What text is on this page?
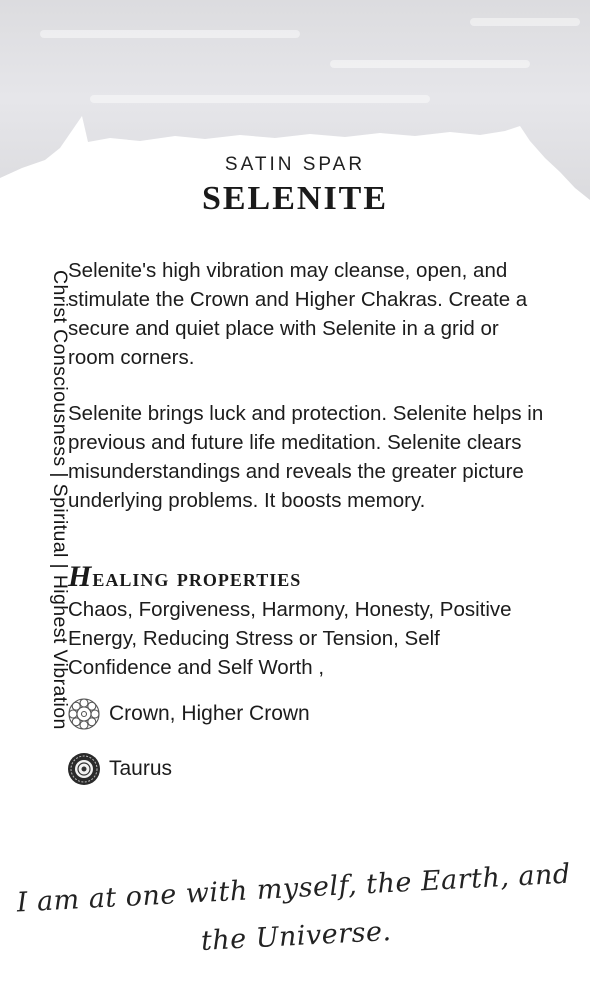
SATIN SPAR
SELENITE
Christ Consciousness | Spiritual | Highest Vibration

Selenite's high vibration may cleanse, open, and stimulate the Crown and Higher Chakras. Create a secure and quiet place with Selenite in a grid or room corners.

Selenite brings luck and protection. Selenite helps in previous and future life meditation. Selenite clears misunderstandings and reveals the greater picture underlying problems. It boosts memory.

Healing properties

Chaos, Forgiveness, Harmony, Honesty, Positive Energy, Reducing Stress or Tension, Self Confidence and Self Worth ,

Crown, Higher Crown
Taurus
I am at one with myself, the Earth, and
the Universe.
